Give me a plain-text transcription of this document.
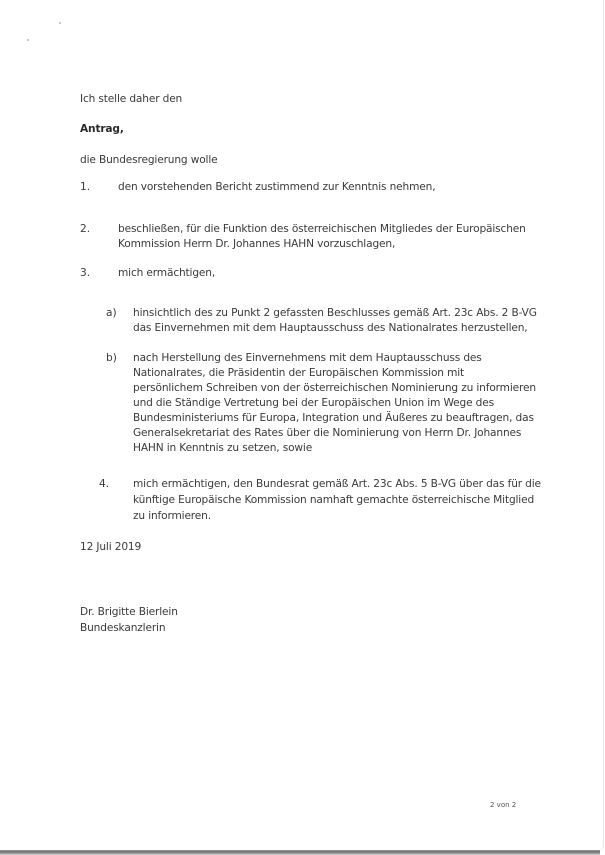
Ich stelle daher den
Antrag,
die Bundesregierung wolle
1.	den vorstehenden Bericht zustimmend zur Kenntnis nehmen,
2.	beschließen, für die Funktion des österreichischen Mitgliedes der Europäischen
Kommission Herrn Dr. Johannes HAHN vorzuschlagen,
3.	mich ermächtigen,
a) hinsichtlich des zu Punkt 2 gefassten Beschlusses gemäß Art. 23c Abs. 2 B-VG
das Einvernehmen mit dem Hauptausschuss des Nationalrates herzustellen,
b) nach Herstellung des Einvernehmens mit dem Hauptausschuss des
Nationalrates, die Präsidentin der Europäischen Kommission mit
persönlichem Schreiben von der österreichischen Nominierung zu informieren
und die Ständige Vertretung bei der Europäischen Union im Wege des
Bundesministeriums für Europa, Integration und Äußeres zu beauftragen, das
Generalsekretariat des Rates über die Nominierung von Herrn Dr. Johannes
HAHN in Kenntnis zu setzen, sowie
4. mich ermächtigen, den Bundesrat gemäß Art. 23c Abs. 5 B-VG über das für die
künftige Europäische Kommission namhaft gemachte österreichische Mitglied
zu informieren.
12 Juli 2019
Dr. Brigitte Bierlein
Bundeskanzlerin
2 von 2
